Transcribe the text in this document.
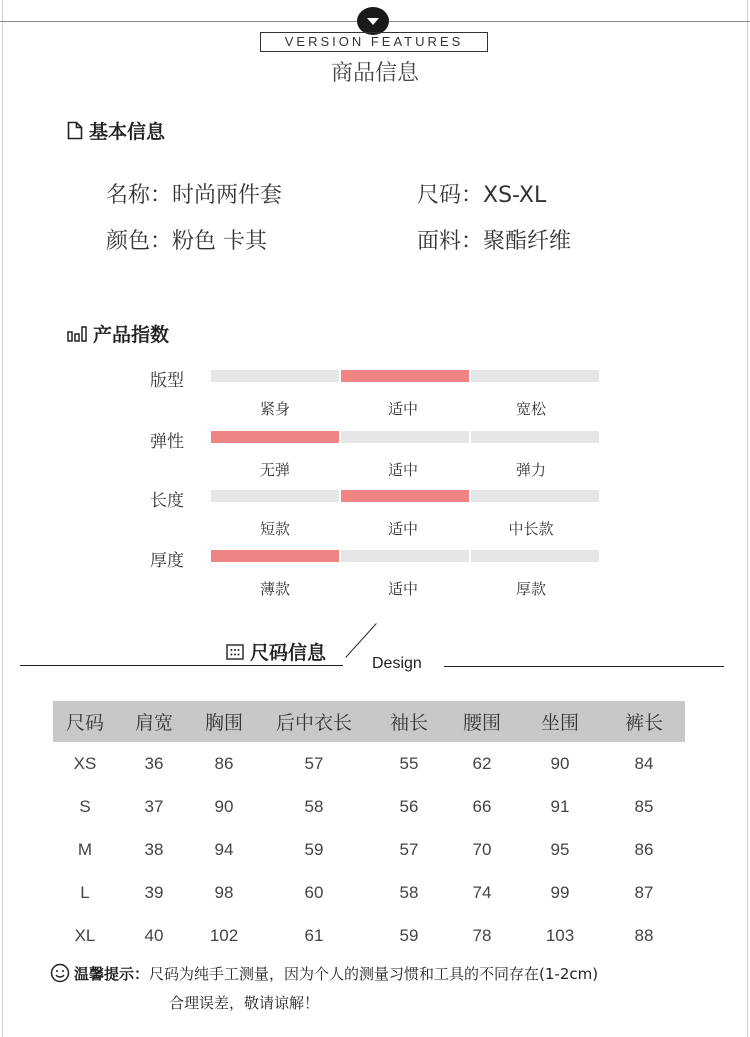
VERSION FEATURES
商品信息
基本信息
名称：时尚两件套	尺码：XS-XL
颜色：粉色 卡其	面料：聚酯纤维
产品指数
版型
紧身	适中	宽松
弹性
无弹	适中	弹力
长度
短款	适中	中长款
厚度
薄款	适中	厚款
尺码信息	Design
尺码	肩宽	胸围	后中衣长	袖长	腰围	坐围	裤长
XS	36	86	57	55	62	90	84
S	37	90	58	56	66	91	85
M	38	94	59	57	70	95	86
L	39	98	60	58	74	99	87
XL	40	102	61	59	78	103	88
温馨提示：尺码为纯手工测量，因为个人的测量习惯和工具的不同存在(1-2cm)
合理误差，敬请谅解！
